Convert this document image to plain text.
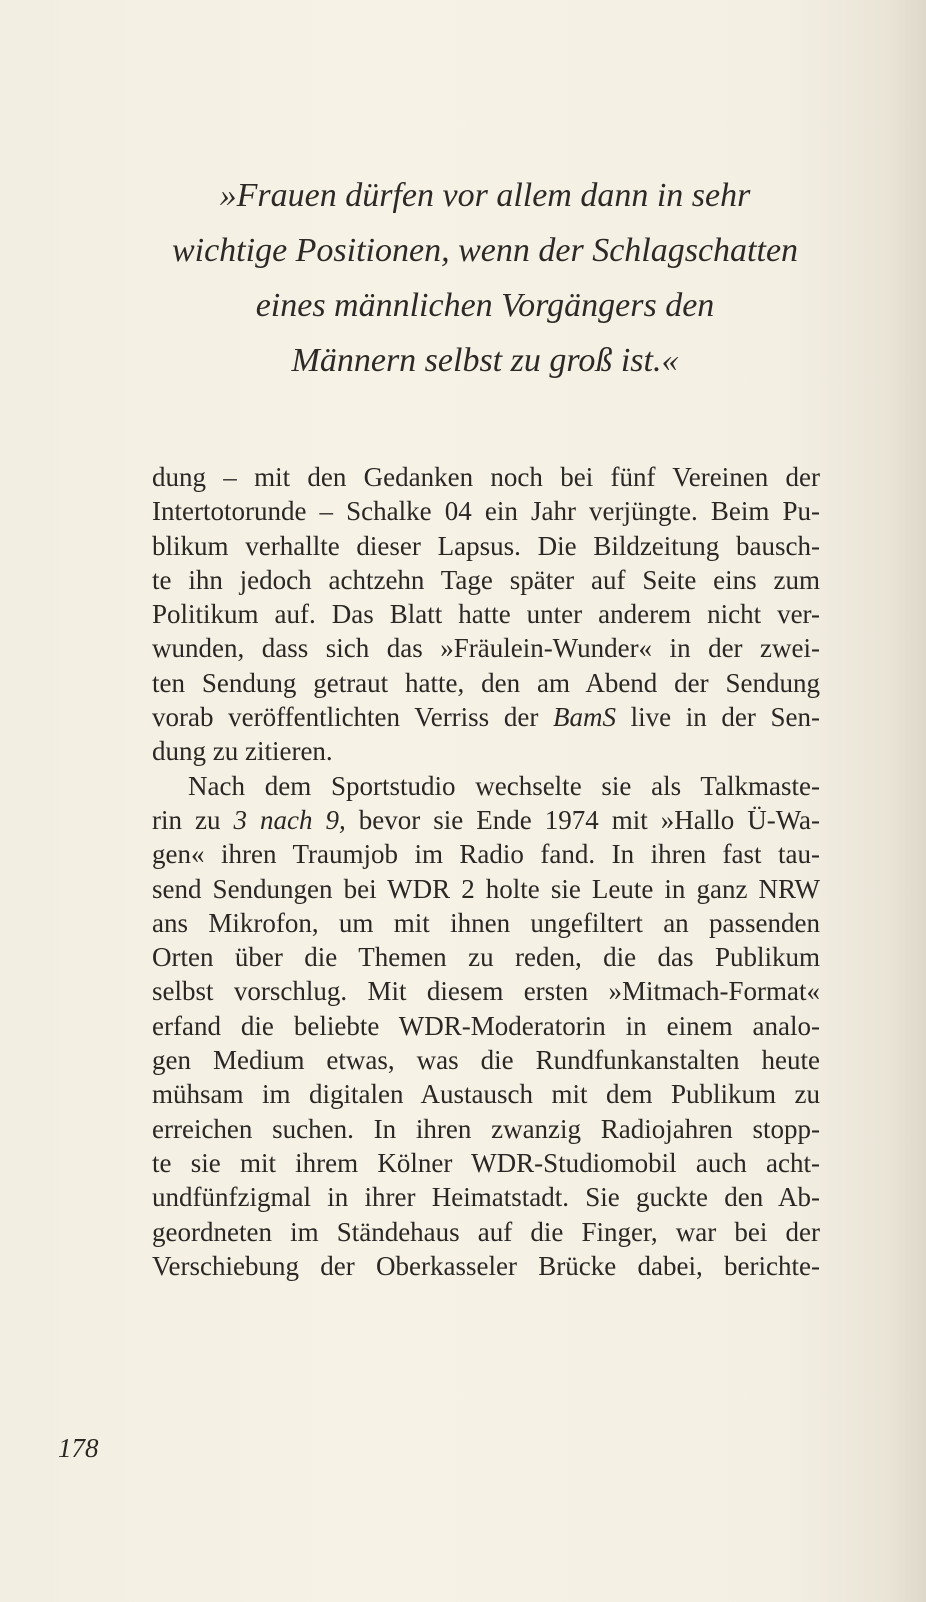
»Frauen dürfen vor allem dann in sehr
wichtige Positionen, wenn der Schlagschatten
eines männlichen Vorgängers den
Männern selbst zu groß ist.«
dung – mit den Gedanken noch bei fünf Vereinen der
Intertotorunde – Schalke 04 ein Jahr verjüngte. Beim Pu-
blikum verhallte dieser Lapsus. Die Bildzeitung bausch-
te ihn jedoch achtzehn Tage später auf Seite eins zum
Politikum auf. Das Blatt hatte unter anderem nicht ver-
wunden, dass sich das »Fräulein-Wunder« in der zwei-
ten Sendung getraut hatte, den am Abend der Sendung
vorab veröffentlichten Verriss der BamS live in der Sen-
dung zu zitieren.
Nach dem Sportstudio wechselte sie als Talkmaste-
rin zu 3 nach 9, bevor sie Ende 1974 mit »Hallo Ü-Wa-
gen« ihren Traumjob im Radio fand. In ihren fast tau-
send Sendungen bei WDR 2 holte sie Leute in ganz NRW
ans Mikrofon, um mit ihnen ungefiltert an passenden
Orten über die Themen zu reden, die das Publikum
selbst vorschlug. Mit diesem ersten »Mitmach-Format«
erfand die beliebte WDR-Moderatorin in einem analo-
gen Medium etwas, was die Rundfunkanstalten heute
mühsam im digitalen Austausch mit dem Publikum zu
erreichen suchen. In ihren zwanzig Radiojahren stopp-
te sie mit ihrem Kölner WDR-Studiomobil auch acht-
undfünfzigmal in ihrer Heimatstadt. Sie guckte den Ab-
geordneten im Ständehaus auf die Finger, war bei der
Verschiebung der Oberkasseler Brücke dabei, berichte-
178
